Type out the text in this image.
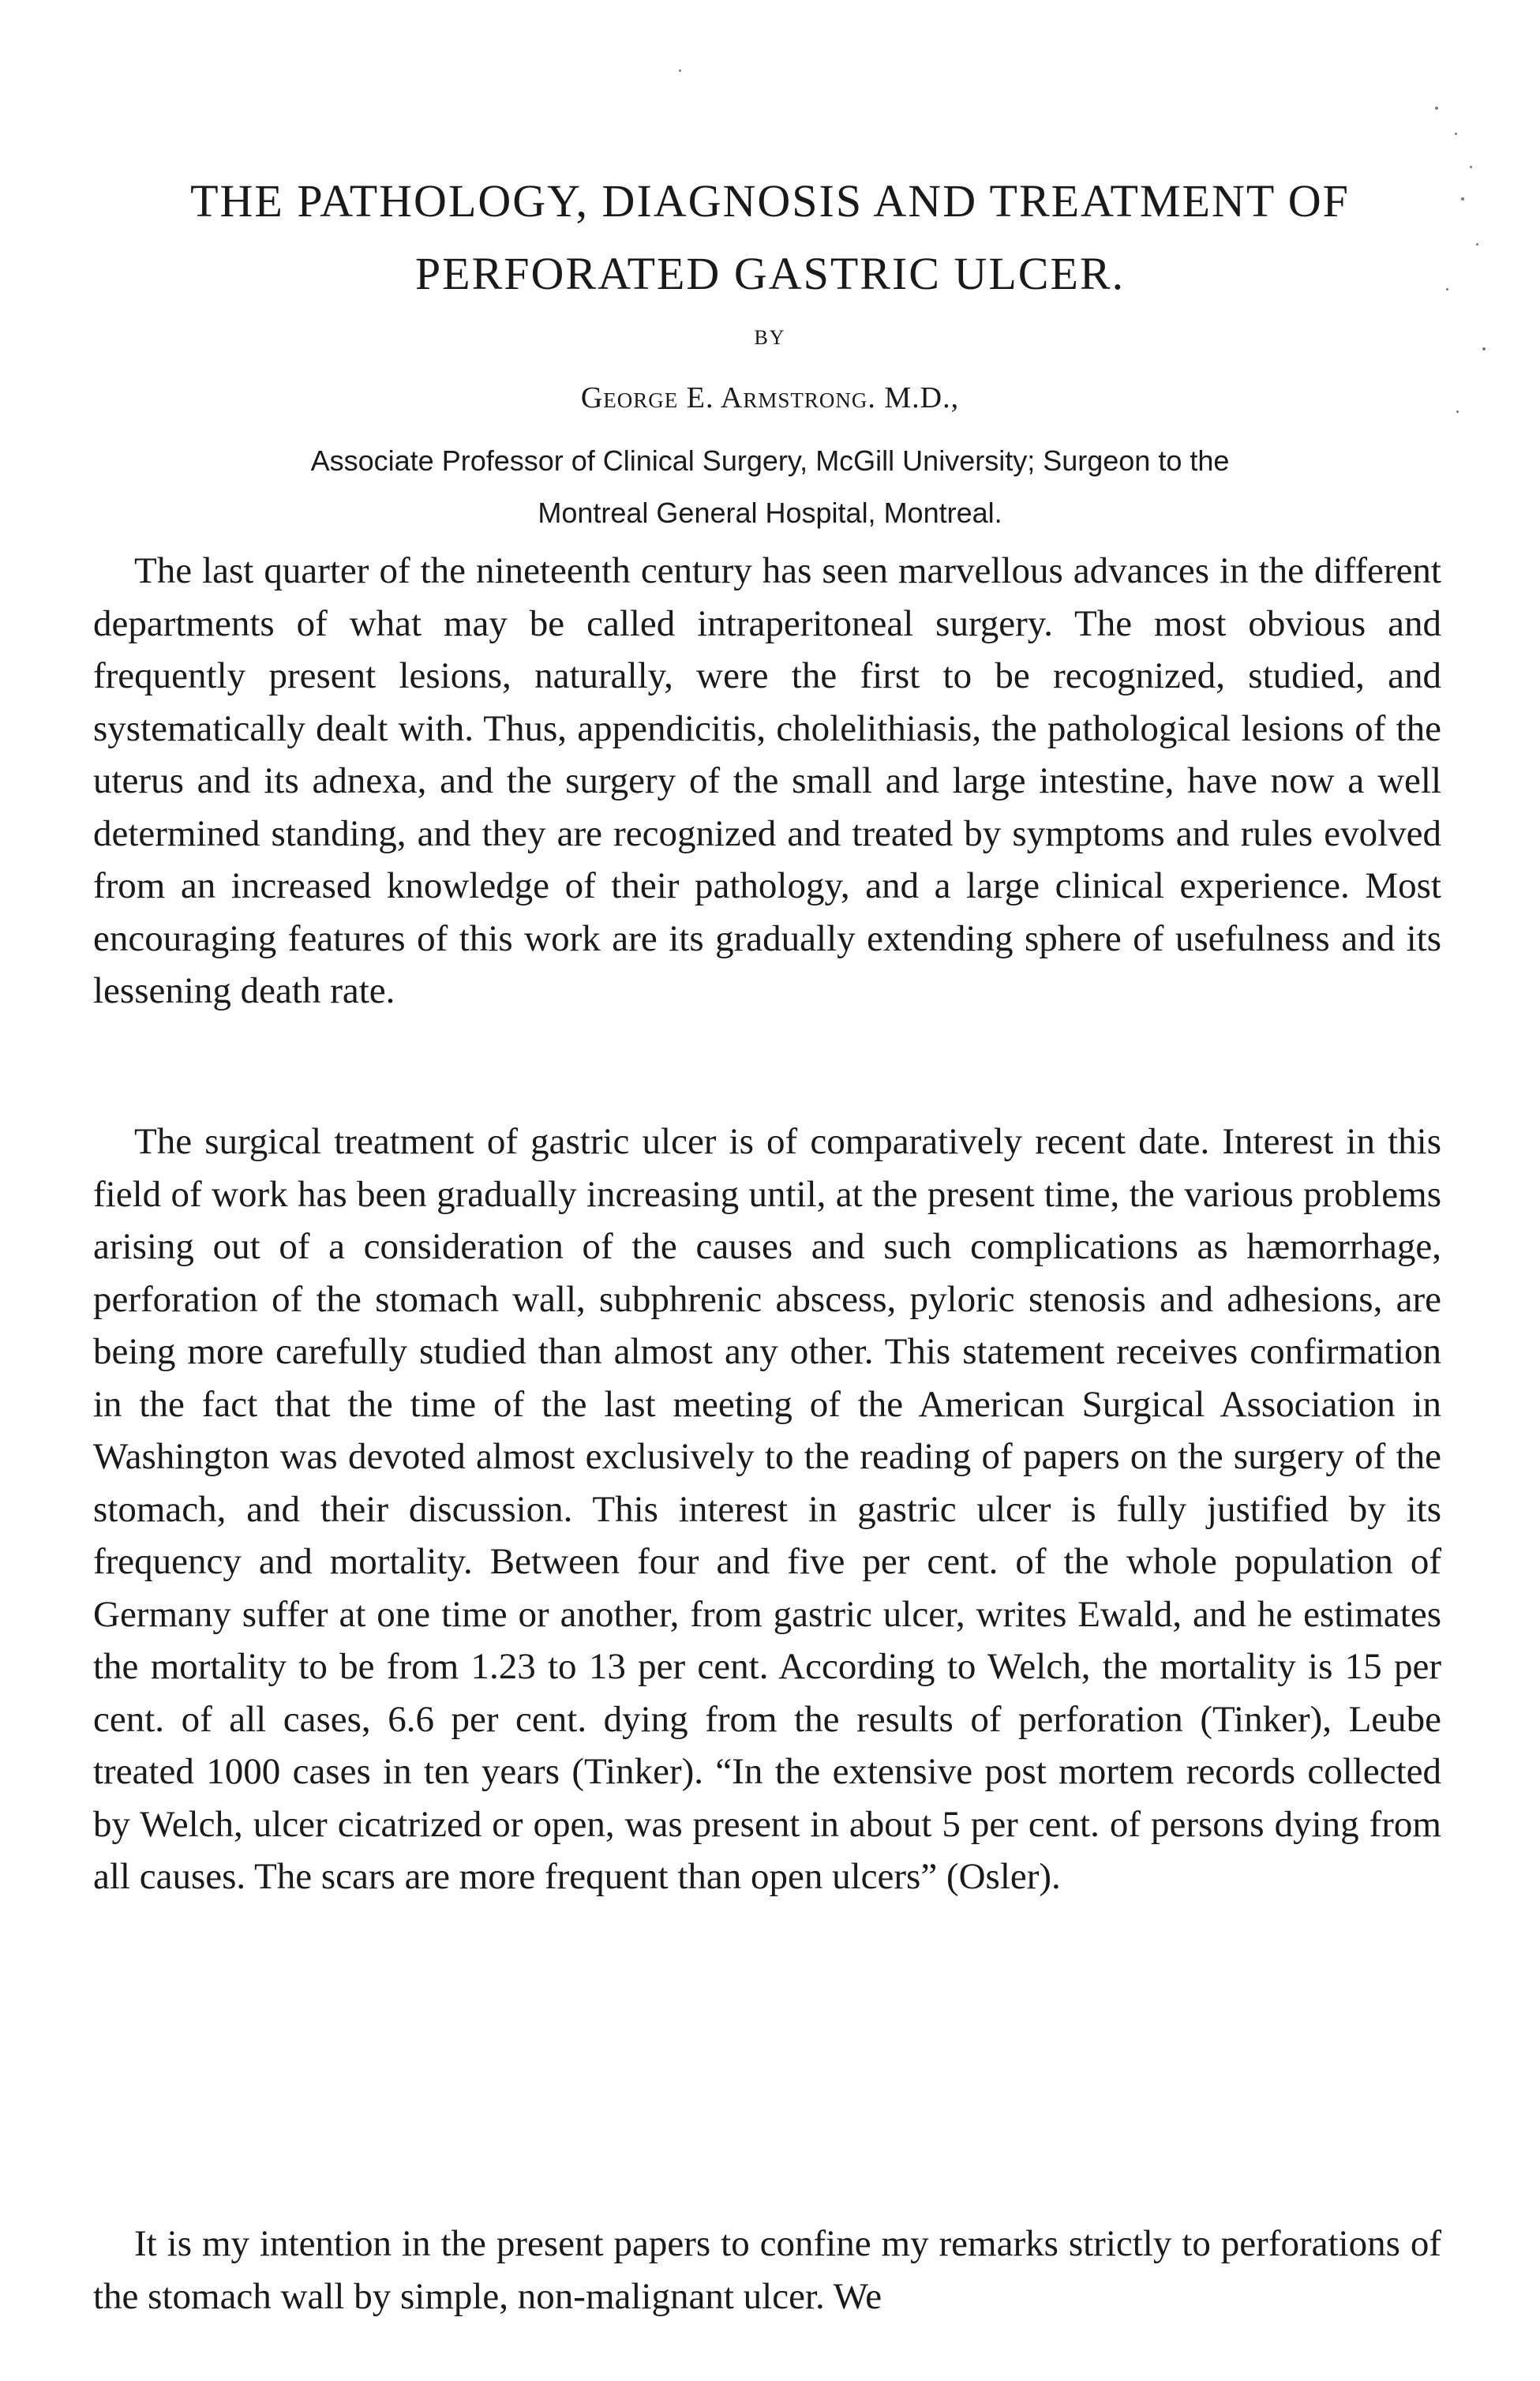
THE PATHOLOGY, DIAGNOSIS AND TREATMENT OF
PERFORATED GASTRIC ULCER.
BY
George E. Armstrong. M.D.,
Associate Professor of Clinical Surgery, McGill University; Surgeon to the
Montreal General Hospital, Montreal.

The last quarter of the nineteenth century has seen marvellous advances in the different departments of what may be called intraperitoneal surgery. The most obvious and frequently present lesions, naturally, were the first to be recognized, studied, and systematically dealt with. Thus, appendicitis, cholelithiasis, the pathological lesions of the uterus and its adnexa, and the surgery of the small and large intestine, have now a well determined standing, and they are recognized and treated by symptoms and rules evolved from an increased knowledge of their pathology, and a large clinical experience. Most encouraging features of this work are its gradually extending sphere of usefulness and its lessening death rate.

The surgical treatment of gastric ulcer is of comparatively recent date. Interest in this field of work has been gradually increasing until, at the present time, the various problems arising out of a consideration of the causes and such complications as hæmorrhage, perforation of the stomach wall, subphrenic abscess, pyloric stenosis and adhesions, are being more carefully studied than almost any other. This statement receives confirmation in the fact that the time of the last meeting of the American Surgical Association in Washington was devoted almost exclusively to the reading of papers on the surgery of the stomach, and their discussion. This interest in gastric ulcer is fully justified by its frequency and mortality. Between four and five per cent. of the whole population of Germany suffer at one time or another, from gastric ulcer, writes Ewald, and he estimates the mortality to be from 1.23 to 13 per cent. According to Welch, the mortality is 15 per cent. of all cases, 6.6 per cent. dying from the results of perforation (Tinker), Leube treated 1000 cases in ten years (Tinker). “In the extensive post mortem records collected by Welch, ulcer cicatrized or open, was present in about 5 per cent. of persons dying from all causes. The scars are more frequent than open ulcers” (Osler).

It is my intention in the present papers to confine my remarks strictly to perforations of the stomach wall by simple, non-malignant ulcer. We
